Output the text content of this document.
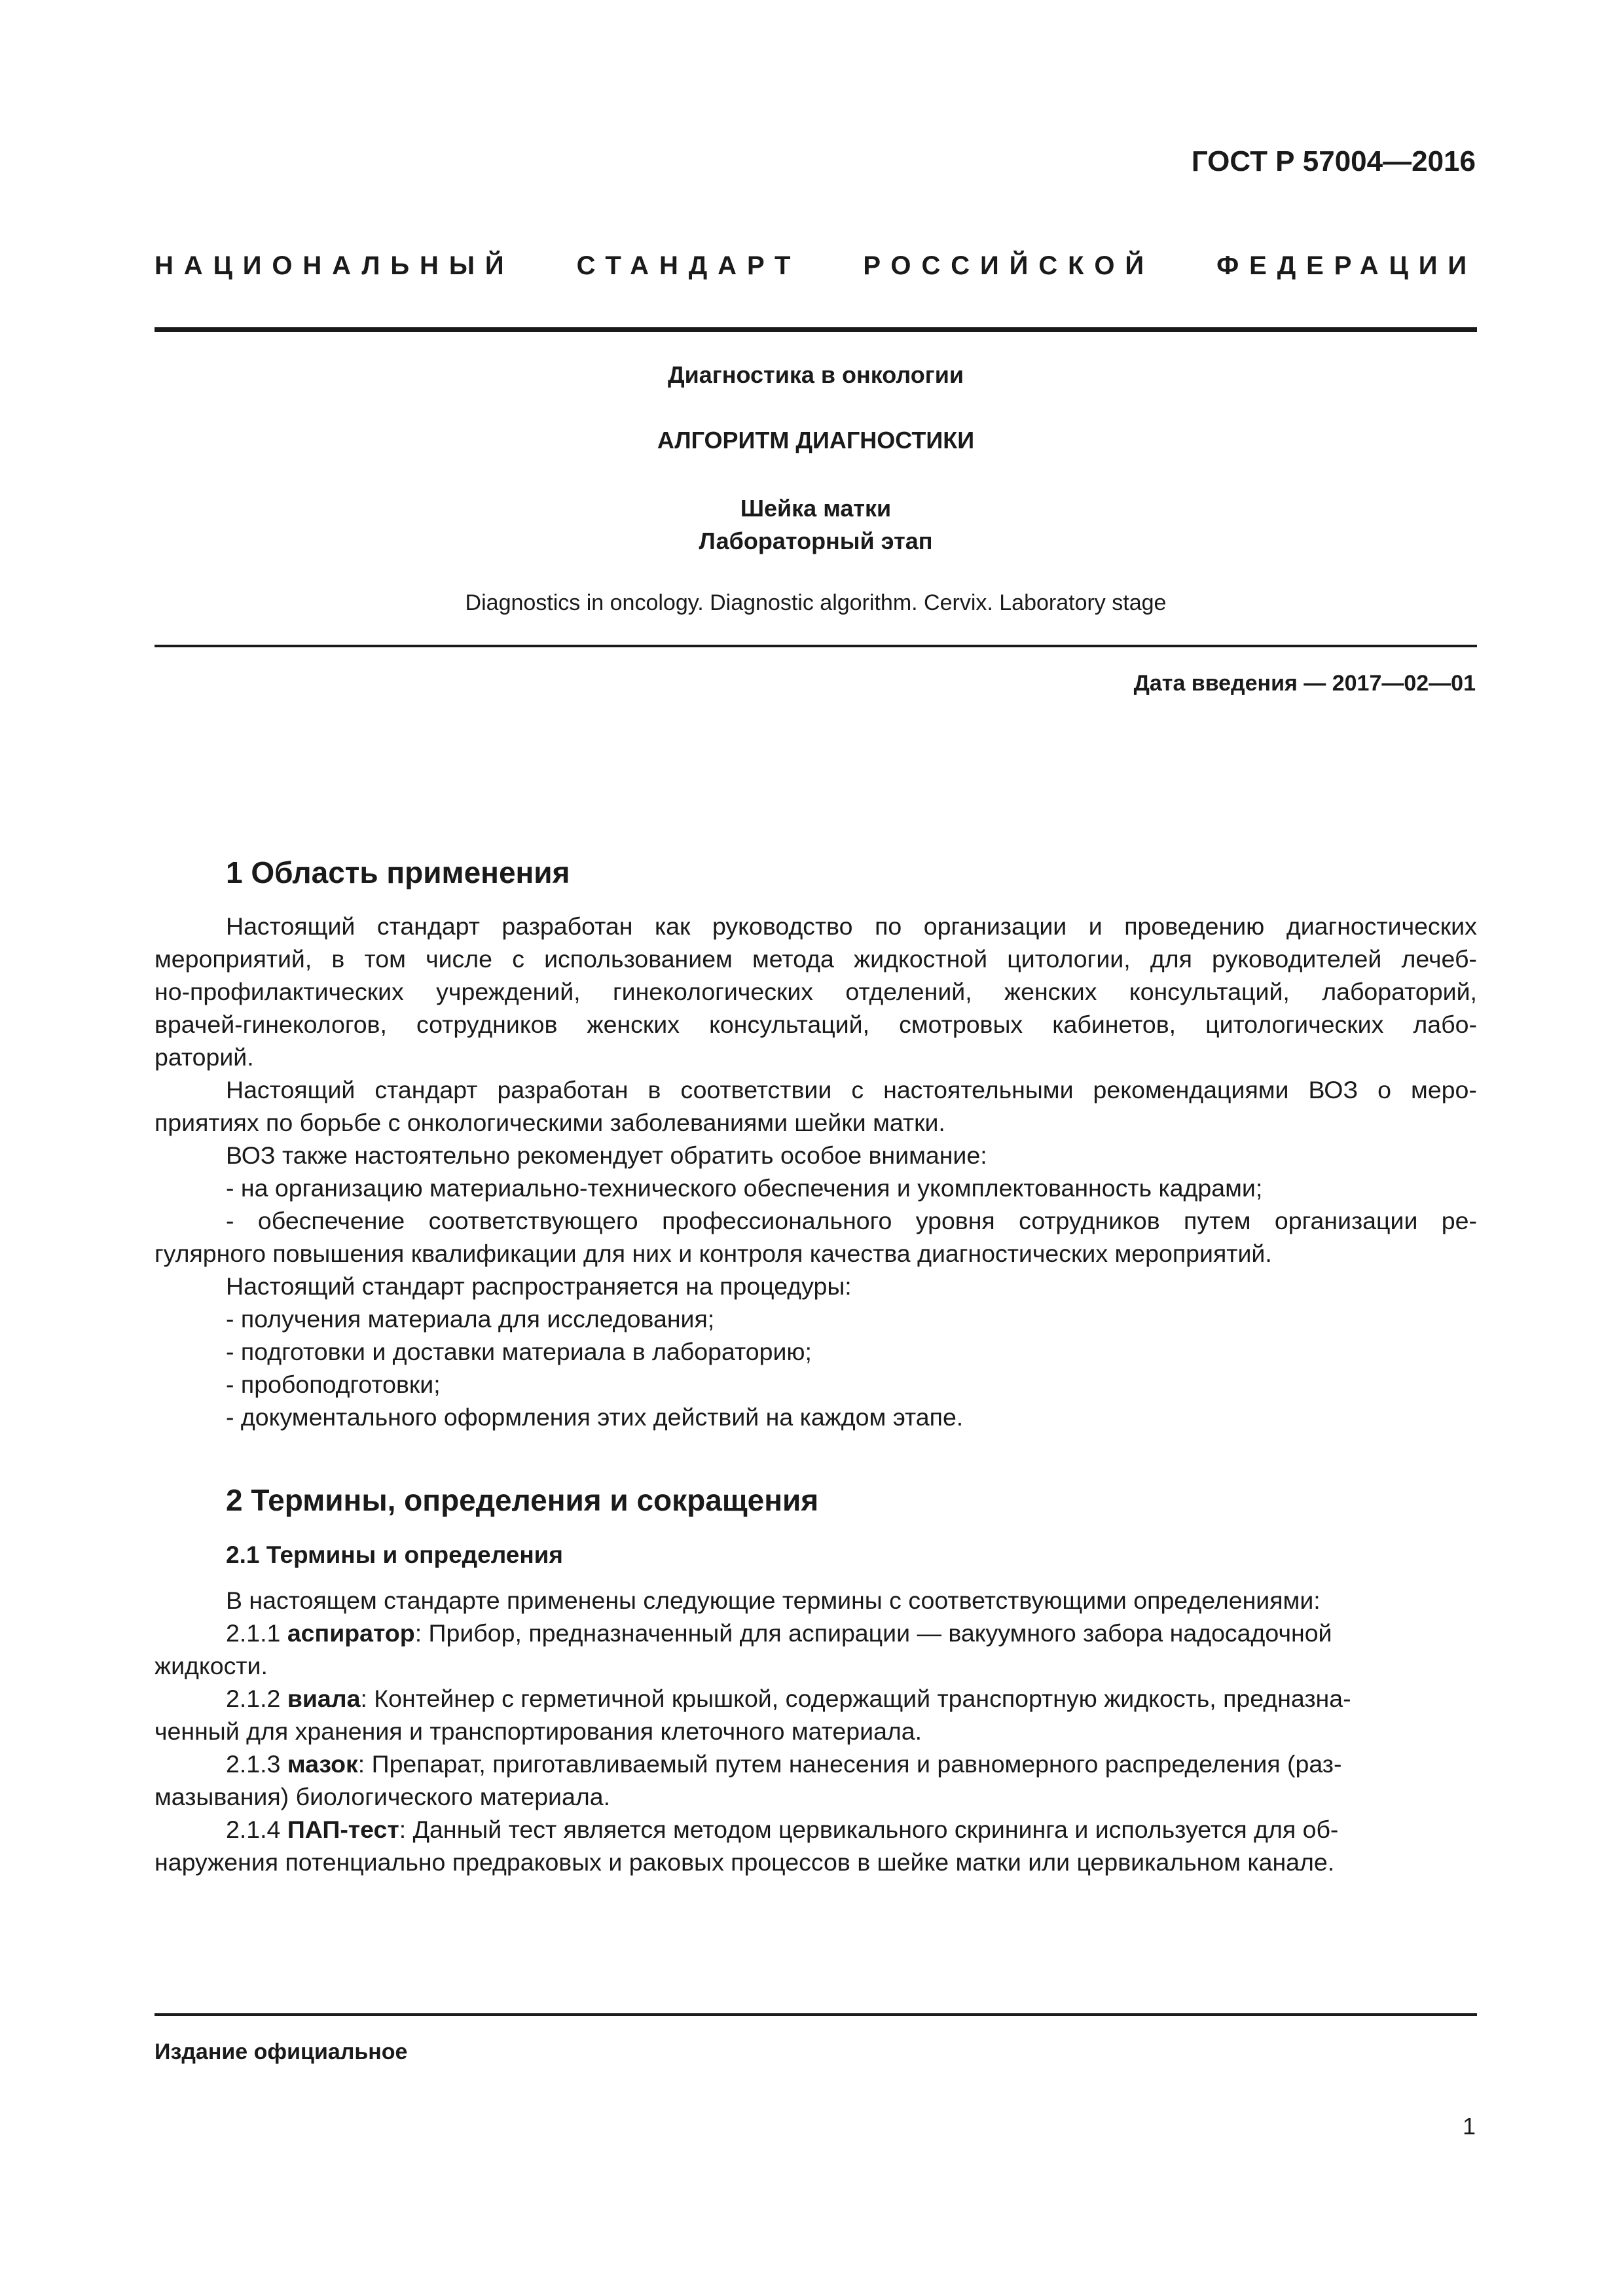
ГОСТ Р 57004—2016
НАЦИОНАЛЬНЫЙ СТАНДАРТ РОССИЙСКОЙ ФЕДЕРАЦИИ
Диагностика в онкологии
АЛГОРИТМ ДИАГНОСТИКИ
Шейка матки
Лабораторный этап
Diagnostics in oncology. Diagnostic algorithm. Cervix. Laboratory stage
Дата введения — 2017—02—01
1 Область применения
Настоящий стандарт разработан как руководство по организации и проведению диагностических
мероприятий, в том числе с использованием метода жидкостной цитологии, для руководителей лечеб-
но-профилактических учреждений, гинекологических отделений, женских консультаций, лабораторий,
врачей-гинекологов, сотрудников женских консультаций, смотровых кабинетов, цитологических лабо-
раторий.
Настоящий стандарт разработан в соответствии с настоятельными рекомендациями ВОЗ о меро-
приятиях по борьбе с онкологическими заболеваниями шейки матки.
ВОЗ также настоятельно рекомендует обратить особое внимание:
- на организацию материально-технического обеспечения и укомплектованность кадрами;
- обеспечение соответствующего профессионального уровня сотрудников путем организации ре-
гулярного повышения квалификации для них и контроля качества диагностических мероприятий.
Настоящий стандарт распространяется на процедуры:
- получения материала для исследования;
- подготовки и доставки материала в лабораторию;
- пробоподготовки;
- документального оформления этих действий на каждом этапе.
2 Термины, определения и сокращения
2.1 Термины и определения
В настоящем стандарте применены следующие термины с соответствующими определениями:
2.1.1 аспиратор: Прибор, предназначенный для аспирации — вакуумного забора надосадочной
жидкости.
2.1.2 виала: Контейнер с герметичной крышкой, содержащий транспортную жидкость, предназна-
ченный для хранения и транспортирования клеточного материала.
2.1.3 мазок: Препарат, приготавливаемый путем нанесения и равномерного распределения (раз-
мазывания) биологического материала.
2.1.4 ПАП-тест: Данный тест является методом цервикального скрининга и используется для об-
наружения потенциально предраковых и раковых процессов в шейке матки или цервикальном канале.
Издание официальное
1
